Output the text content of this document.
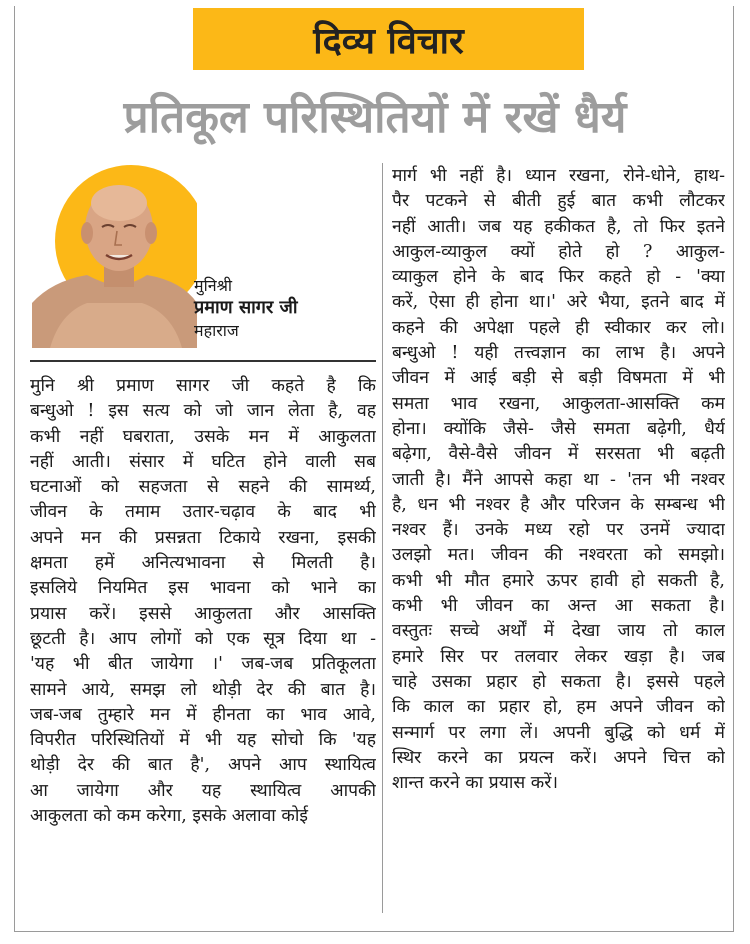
दिव्य विचार
प्रतिकूल परिस्थितियों में रखें धैर्य
मुनिश्री
प्रमाण सागर जी
महाराज
मुनि श्री प्रमाण सागर जी कहते है कि
बन्धुओ ! इस सत्य को जो जान लेता है, वह
कभी नहीं घबराता, उसके मन में आकुलता
नहीं आती। संसार में घटित होने वाली सब
घटनाओं को सहजता से सहने की सामर्थ्य,
जीवन के तमाम उतार-चढ़ाव के बाद भी
अपने मन की प्रसन्नता टिकाये रखना, इसकी
क्षमता हमें अनित्यभावना से मिलती है।
इसलिये नियमित इस भावना को भाने का
प्रयास करें। इससे आकुलता और आसक्ति
छूटती है। आप लोगों को एक सूत्र दिया था -
'यह भी बीत जायेगा ।' जब-जब प्रतिकूलता
सामने आये, समझ लो थोड़ी देर की बात है।
जब-जब तुम्हारे मन में हीनता का भाव आवे,
विपरीत परिस्थितियों में भी यह सोचो कि 'यह
थोड़ी देर की बात है', अपने आप स्थायित्व
आ जायेगा और यह स्थायित्व आपकी
आकुलता को कम करेगा, इसके अलावा कोई
मार्ग भी नहीं है। ध्यान रखना, रोने-धोने, हाथ-
पैर पटकने से बीती हुई बात कभी लौटकर
नहीं आती। जब यह हकीकत है, तो फिर इतने
आकुल-व्याकुल क्यों होते हो ? आकुल-
व्याकुल होने के बाद फिर कहते हो - 'क्या
करें, ऐसा ही होना था।' अरे भैया, इतने बाद में
कहने की अपेक्षा पहले ही स्वीकार कर लो।
बन्धुओ ! यही तत्त्वज्ञान का लाभ है। अपने
जीवन में आई बड़ी से बड़ी विषमता में भी
समता भाव रखना, आकुलता-आसक्ति कम
होना। क्योंकि जैसे- जैसे समता बढ़ेगी, धैर्य
बढ़ेगा, वैसे-वैसे जीवन में सरसता भी बढ़ती
जाती है। मैंने आपसे कहा था - 'तन भी नश्वर
है, धन भी नश्वर है और परिजन के सम्बन्ध भी
नश्वर हैं। उनके मध्य रहो पर उनमें ज्यादा
उलझो मत। जीवन की नश्वरता को समझो।
कभी भी मौत हमारे ऊपर हावी हो सकती है,
कभी भी जीवन का अन्त आ सकता है।
वस्तुतः सच्चे अर्थों में देखा जाय तो काल
हमारे सिर पर तलवार लेकर खड़ा है। जब
चाहे उसका प्रहार हो सकता है। इससे पहले
कि काल का प्रहार हो, हम अपने जीवन को
सन्मार्ग पर लगा लें। अपनी बुद्धि को धर्म में
स्थिर करने का प्रयत्न करें। अपने चित्त को
शान्त करने का प्रयास करें।
